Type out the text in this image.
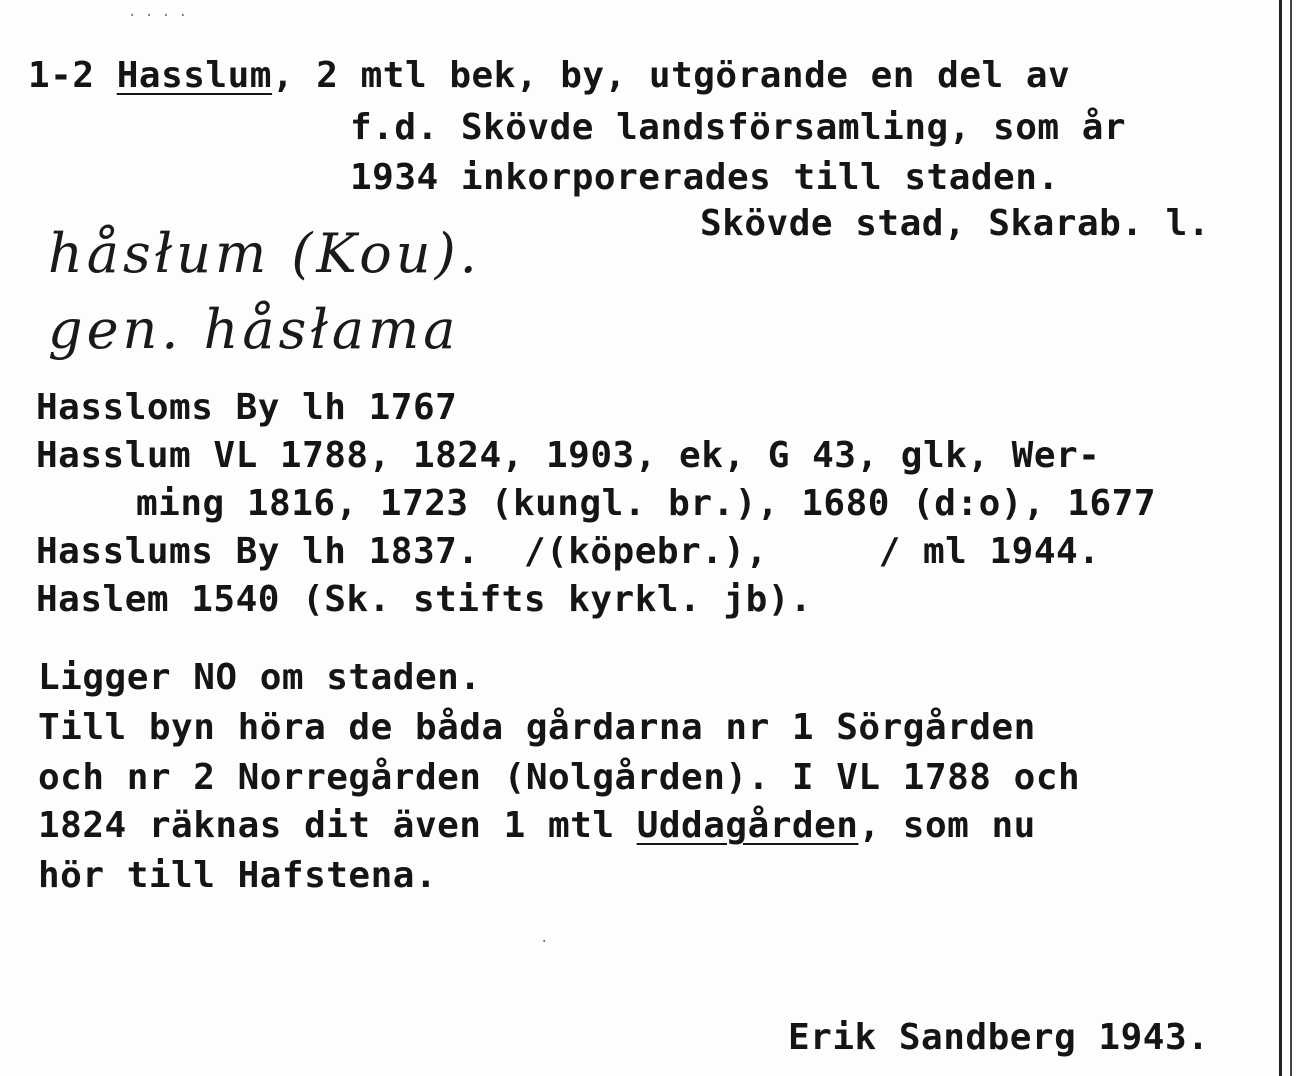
. . . .
1-2 Hasslum, 2 mtl bek, by, utgörande en del av
f.d. Skövde landsförsamling, som år
1934 inkorporerades till staden.
Skövde stad, Skarab. l.
håsłum (Kou).
gen. håsłama
Hassloms By lh 1767
Hasslum VL 1788, 1824, 1903, ek, G 43, glk, Wer-
ming 1816, 1723 (kungl. br.), 1680 (d:o), 1677
Hasslums By lh 1837.  /(köpebr.),     / ml 1944.
Haslem 1540 (Sk. stifts kyrkl. jb).
Ligger NO om staden.
Till byn höra de båda gårdarna nr 1 Sörgården
och nr 2 Norregården (Nolgården). I VL 1788 och
1824 räknas dit även 1 mtl Uddagården, som nu
hör till Hafstena.
.
Erik Sandberg 1943.
